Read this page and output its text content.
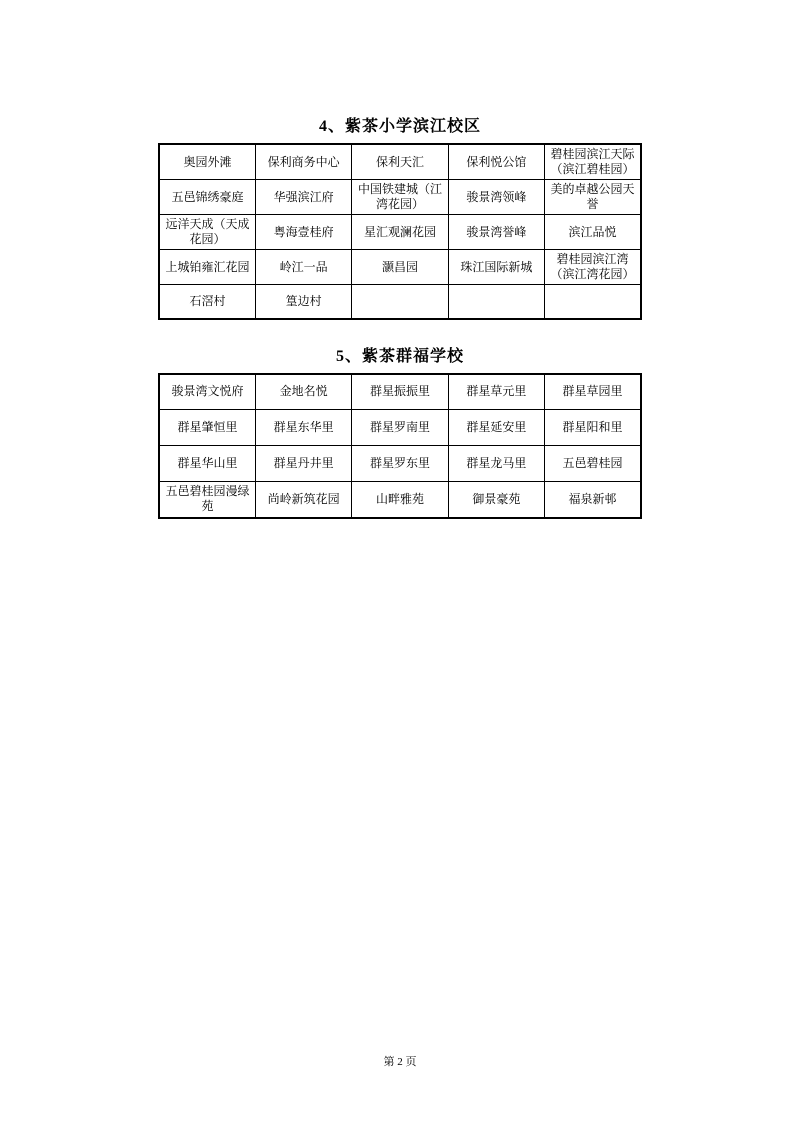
4、紫茶小学滨江校区
奥园外滩	保利商务中心	保利天汇	保利悦公馆	碧桂园滨江天际（滨江碧桂园）
五邑锦绣豪庭	华强滨江府	中国铁建城（江湾花园）	骏景湾领峰	美的卓越公园天誉
远洋天成（天成花园）	粤海壹桂府	星汇观澜花园	骏景湾誉峰	滨江品悦
上城铂雍汇花园	岭江一品	灏昌园	珠江国际新城	碧桂园滨江湾（滨江湾花园）
石滘村	篁边村			
5、紫茶群福学校
骏景湾文悦府	金地名悦	群星振振里	群星草元里	群星草园里
群星肇恒里	群星东华里	群星罗南里	群星延安里	群星阳和里
群星华山里	群星丹井里	群星罗东里	群星龙马里	五邑碧桂园
五邑碧桂园漫绿苑	尚岭新筑花园	山畔雅苑	御景豪苑	福泉新邨
第 2 页
